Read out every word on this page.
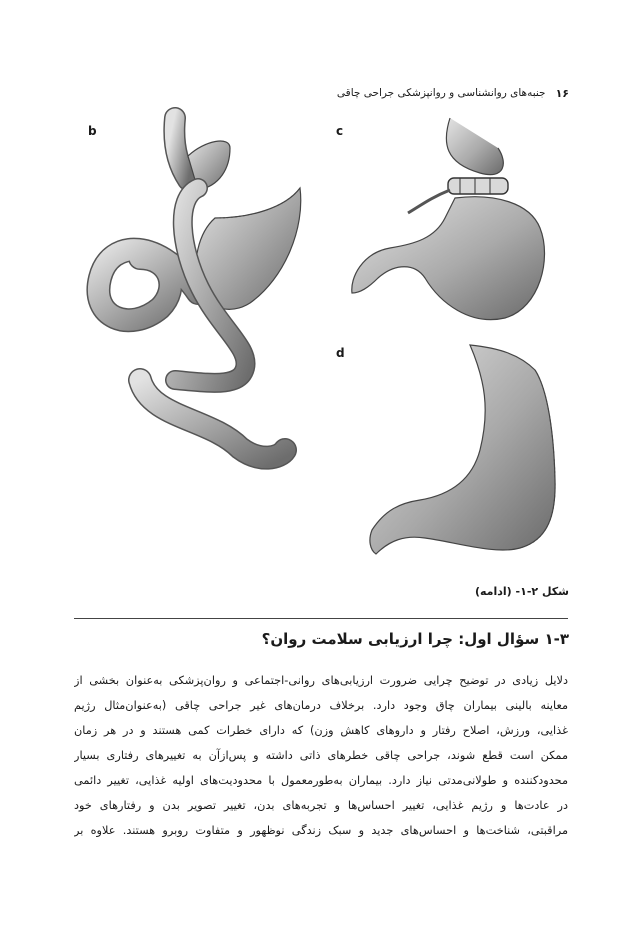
۱۶
جنبه‌های روانشناسی و روانپزشکی جراحی چاقی
b	c
d
شکل ۲-۱- (ادامه)
۱-۳ سؤال اول: چرا ارزیابی سلامت روان؟
دلایل زیادی در توضیح چرایی ضرورت ارزیابی‌های روانی-اجتماعی و روان‌پزشکی به‌عنوان بخشی از
معاینه بالینی بیماران چاق وجود دارد. برخلاف درمان‌های غیر جراحی چاقی (به‌عنوان‌مثال رژیم
غذایی، ورزش، اصلاح رفتار و داروهای کاهش وزن) که دارای خطرات کمی هستند و در هر زمان
ممکن است قطع شوند، جراحی چاقی خطرهای ذاتی داشته و پس‌ازآن به تغییرهای رفتاری بسیار
محدودکننده و طولانی‌مدتی نیاز دارد. بیماران به‌طورمعمول با محدودیت‌های اولیه غذایی، تغییر دائمی
در عادت‌ها و رژیم غذایی، تغییر احساس‌ها و تجربه‌های بدن، تغییر تصویر بدن و رفتارهای خود
مراقبتی، شناخت‌ها و احساس‌های جدید و سبک زندگی نوظهور و متفاوت روبرو هستند. علاوه بر
